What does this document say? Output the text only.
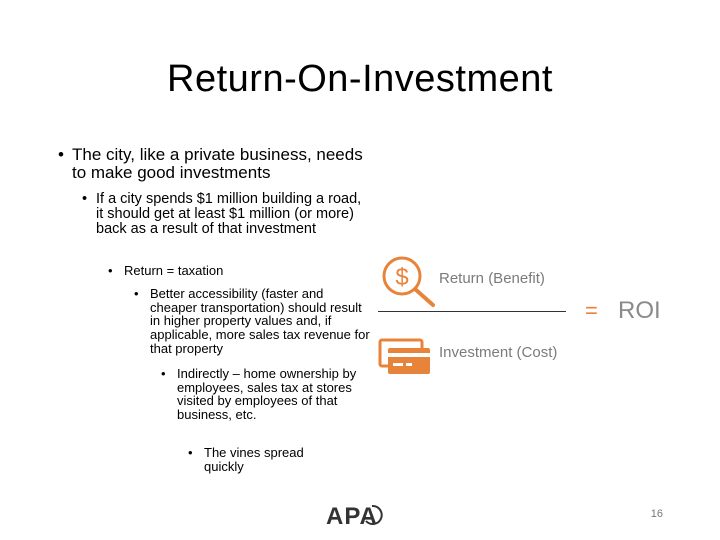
Return-On-Investment
• The city, like a private business, needs to make good investments
• If a city spends $1 million building a road, it should get at least $1 million (or more) back as a result of that investment
• Return = taxation
• Better accessibility (faster and cheaper transportation) should result in higher property values and, if applicable, more sales tax revenue for that property
• Indirectly – home ownership by employees, sales tax at stores visited by employees of that business, etc.
• The vines spread quickly
$ Return (Benefit)
Investment (Cost)
= ROI
APA	16
